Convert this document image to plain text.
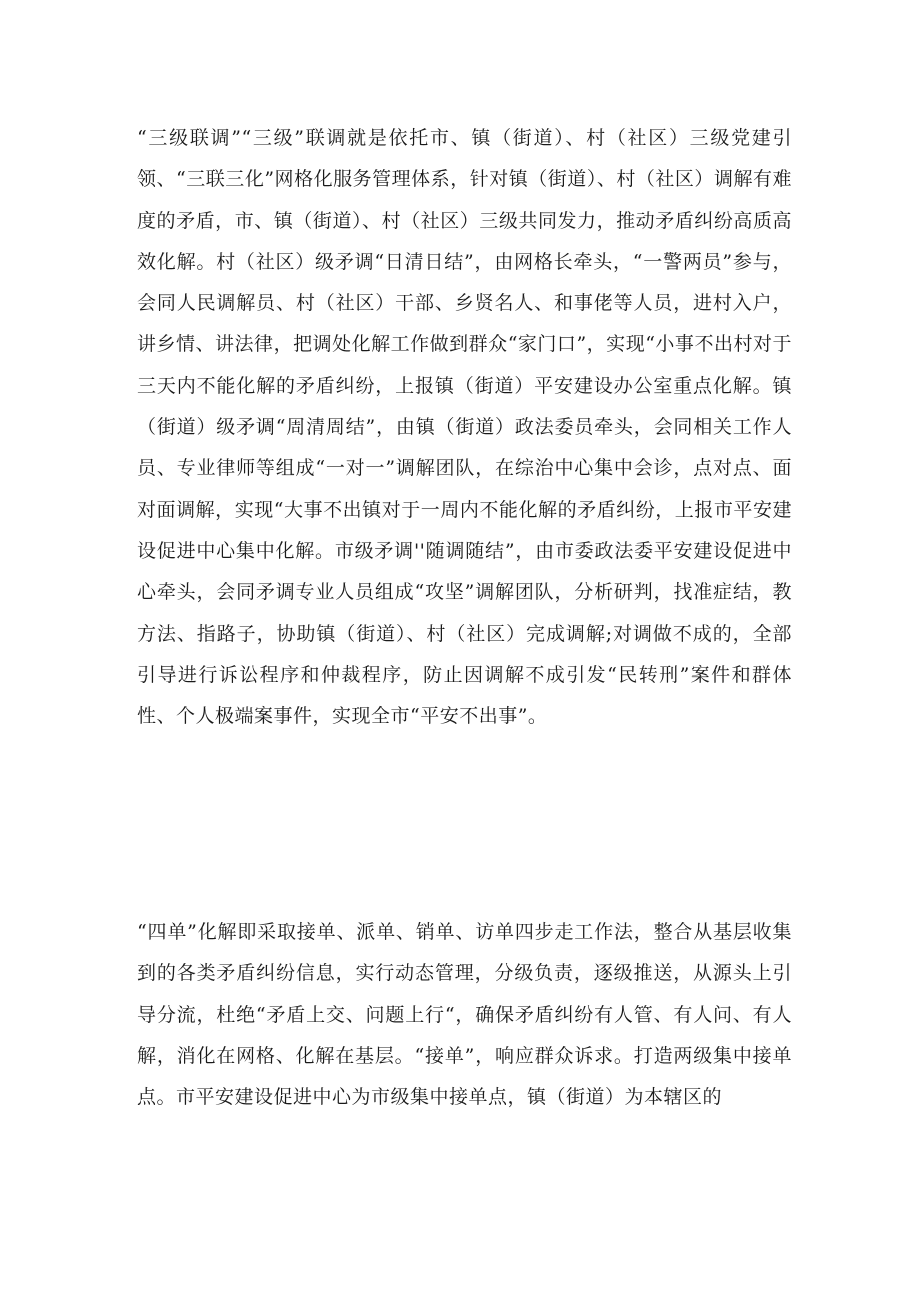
“三级联调”“三级”联调就是依托市、镇（街道）、村（社区）三级党建引领、“三联三化”网格化服务管理体系，针对镇（街道）、村（社区）调解有难度的矛盾，市、镇（街道）、村（社区）三级共同发力，推动矛盾纠纷高质高效化解。村（社区）级矛调“日清日结”，由网格长牵头，“一警两员”参与，会同人民调解员、村（社区）干部、乡贤名人、和事佬等人员，进村入户，讲乡情、讲法律，把调处化解工作做到群众“家门口”，实现“小事不出村对于三天内不能化解的矛盾纠纷，上报镇（街道）平安建设办公室重点化解。镇（街道）级矛调“周清周结”，由镇（街道）政法委员牵头，会同相关工作人员、专业律师等组成“一对一”调解团队，在综治中心集中会诊，点对点、面对面调解，实现“大事不出镇对于一周内不能化解的矛盾纠纷，上报市平安建设促进中心集中化解。市级矛调''随调随结”，由市委政法委平安建设促进中心牵头，会同矛调专业人员组成“攻坚”调解团队，分析研判，找准症结，教方法、指路子，协助镇（街道）、村（社区）完成调解;对调做不成的，全部引导进行诉讼程序和仲裁程序，防止因调解不成引发“民转刑”案件和群体性、个人极端案事件，实现全市“平安不出事”。

“四单”化解即采取接单、派单、销单、访单四步走工作法，整合从基层收集到的各类矛盾纠纷信息，实行动态管理，分级负责，逐级推送，从源头上引导分流，杜绝“矛盾上交、问题上行“，确保矛盾纠纷有人管、有人问、有人解，消化在网格、化解在基层。“接单”，响应群众诉求。打造两级集中接单点。市平安建设促进中心为市级集中接单点，镇（街道）为本辖区的
